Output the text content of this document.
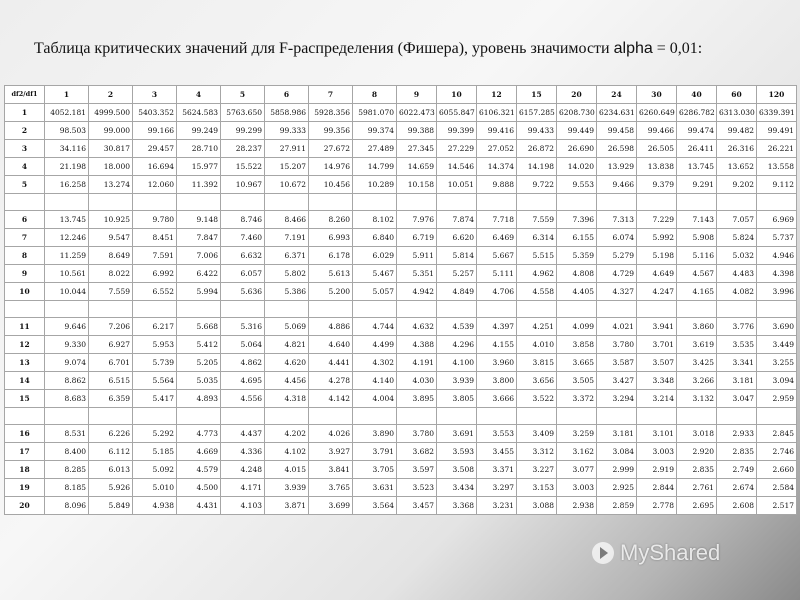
Таблица критических значений для F-распределения (Фишера), уровень значимости alpha = 0,01:
df2/df1	1	2	3	4	5	6	7	8	9	10	12	15	20	24	30	40	60	120
1	4052.181	4999.500	5403.352	5624.583	5763.650	5858.986	5928.356	5981.070	6022.473	6055.847	6106.321	6157.285	6208.730	6234.631	6260.649	6286.782	6313.030	6339.391
2	98.503	99.000	99.166	99.249	99.299	99.333	99.356	99.374	99.388	99.399	99.416	99.433	99.449	99.458	99.466	99.474	99.482	99.491
3	34.116	30.817	29.457	28.710	28.237	27.911	27.672	27.489	27.345	27.229	27.052	26.872	26.690	26.598	26.505	26.411	26.316	26.221
4	21.198	18.000	16.694	15.977	15.522	15.207	14.976	14.799	14.659	14.546	14.374	14.198	14.020	13.929	13.838	13.745	13.652	13.558
5	16.258	13.274	12.060	11.392	10.967	10.672	10.456	10.289	10.158	10.051	9.888	9.722	9.553	9.466	9.379	9.291	9.202	9.112

6	13.745	10.925	9.780	9.148	8.746	8.466	8.260	8.102	7.976	7.874	7.718	7.559	7.396	7.313	7.229	7.143	7.057	6.969
7	12.246	9.547	8.451	7.847	7.460	7.191	6.993	6.840	6.719	6.620	6.469	6.314	6.155	6.074	5.992	5.908	5.824	5.737
8	11.259	8.649	7.591	7.006	6.632	6.371	6.178	6.029	5.911	5.814	5.667	5.515	5.359	5.279	5.198	5.116	5.032	4.946
9	10.561	8.022	6.992	6.422	6.057	5.802	5.613	5.467	5.351	5.257	5.111	4.962	4.808	4.729	4.649	4.567	4.483	4.398
10	10.044	7.559	6.552	5.994	5.636	5.386	5.200	5.057	4.942	4.849	4.706	4.558	4.405	4.327	4.247	4.165	4.082	3.996

11	9.646	7.206	6.217	5.668	5.316	5.069	4.886	4.744	4.632	4.539	4.397	4.251	4.099	4.021	3.941	3.860	3.776	3.690
12	9.330	6.927	5.953	5.412	5.064	4.821	4.640	4.499	4.388	4.296	4.155	4.010	3.858	3.780	3.701	3.619	3.535	3.449
13	9.074	6.701	5.739	5.205	4.862	4.620	4.441	4.302	4.191	4.100	3.960	3.815	3.665	3.587	3.507	3.425	3.341	3.255
14	8.862	6.515	5.564	5.035	4.695	4.456	4.278	4.140	4.030	3.939	3.800	3.656	3.505	3.427	3.348	3.266	3.181	3.094
15	8.683	6.359	5.417	4.893	4.556	4.318	4.142	4.004	3.895	3.805	3.666	3.522	3.372	3.294	3.214	3.132	3.047	2.959

16	8.531	6.226	5.292	4.773	4.437	4.202	4.026	3.890	3.780	3.691	3.553	3.409	3.259	3.181	3.101	3.018	2.933	2.845
17	8.400	6.112	5.185	4.669	4.336	4.102	3.927	3.791	3.682	3.593	3.455	3.312	3.162	3.084	3.003	2.920	2.835	2.746
18	8.285	6.013	5.092	4.579	4.248	4.015	3.841	3.705	3.597	3.508	3.371	3.227	3.077	2.999	2.919	2.835	2.749	2.660
19	8.185	5.926	5.010	4.500	4.171	3.939	3.765	3.631	3.523	3.434	3.297	3.153	3.003	2.925	2.844	2.761	2.674	2.584
20	8.096	5.849	4.938	4.431	4.103	3.871	3.699	3.564	3.457	3.368	3.231	3.088	2.938	2.859	2.778	2.695	2.608	2.517
MyShared
